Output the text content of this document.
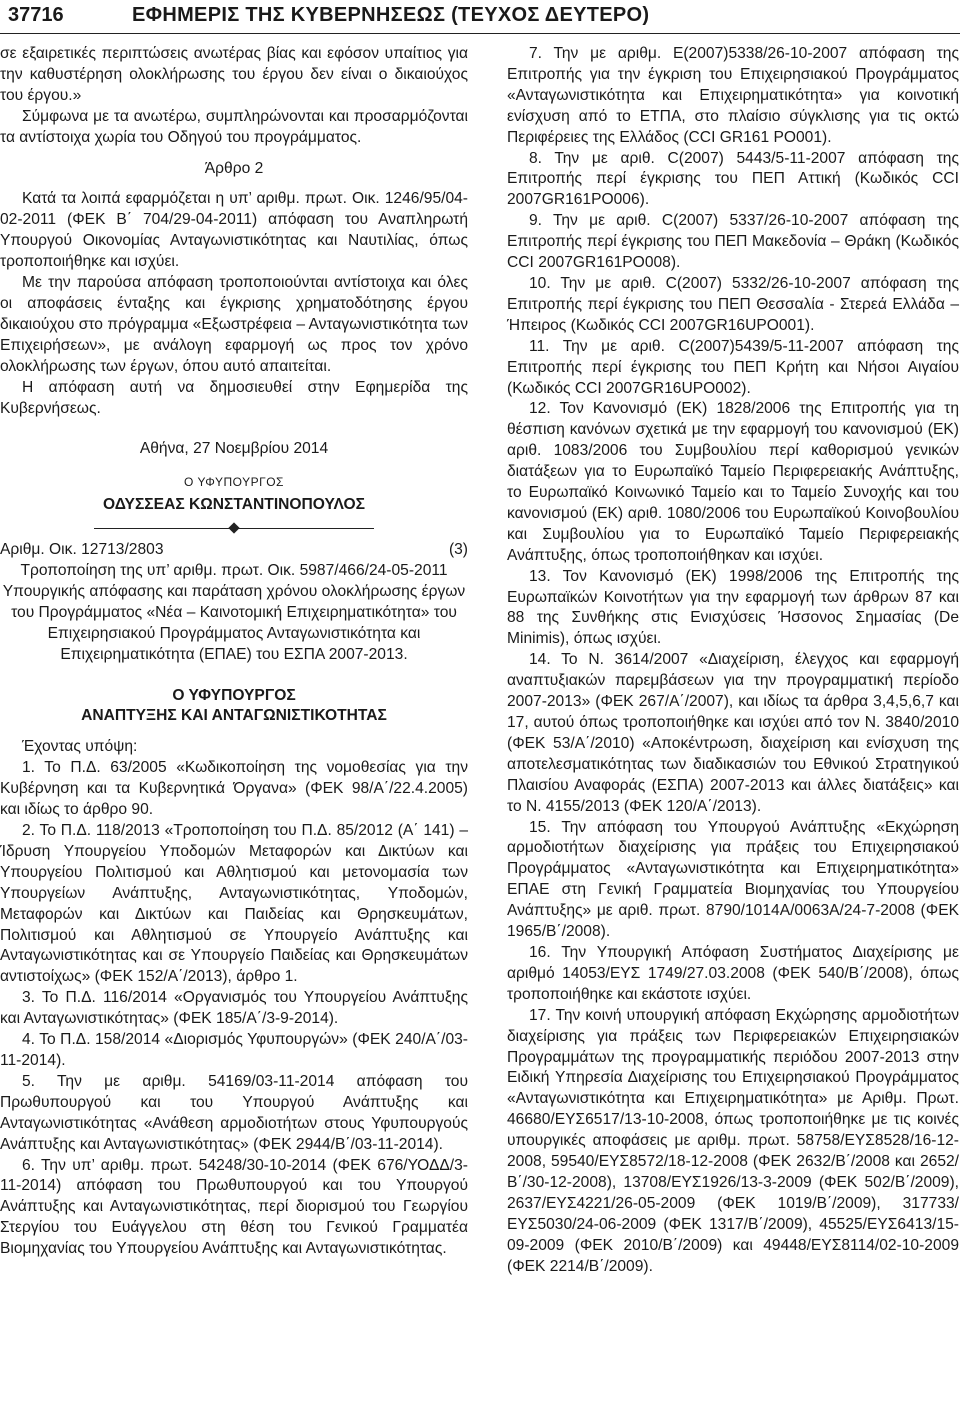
37716	ΕΦΗΜΕΡΙΣ ΤΗΣ ΚΥΒΕΡΝΗΣΕΩΣ (ΤΕΥΧΟΣ ΔΕΥΤΕΡΟ)

σε εξαιρετικές περιπτώσεις ανωτέρας βίας και εφόσον υπαίτιος για την καθυστέρηση ολοκλήρωσης του έργου δεν είναι ο δικαιούχος του έργου.»

Σύμφωνα με τα ανωτέρω, συμπληρώνονται και προσαρμόζονται τα αντίστοιχα χωρία του Οδηγού του προγράμματος.

Άρθρο 2

Κατά τα λοιπά εφαρμόζεται η υπ’ αριθμ. πρωτ. Οικ. 1246/95/04-02-2011 (ΦΕΚ Β΄ 704/29-04-2011) απόφαση του Αναπληρωτή Υπουργού Οικονομίας Ανταγωνιστικότητας και Ναυτιλίας, όπως τροποποιήθηκε και ισχύει.

Με την παρούσα απόφαση τροποποιούνται αντίστοιχα και όλες οι αποφάσεις ένταξης και έγκρισης χρηματοδότησης έργου δικαιούχου στο πρόγραμμα «Εξωστρέφεια – Ανταγωνιστικότητα των Επιχειρήσεων», με ανάλογη εφαρμογή ως προς τον χρόνο ολοκλήρωσης των έργων, όπου αυτό απαιτείται.

Η απόφαση αυτή να δημοσιευθεί στην Εφημερίδα της Κυβερνήσεως.

Αθήνα, 27 Νοεμβρίου 2014

Ο ΥΦΥΠΟΥΡΓΟΣ

ΟΔΥΣΣΕΑΣ ΚΩΝΣΤΑΝΤΙΝΟΠΟΥΛΟΣ

Αριθμ. Οικ. 12713/2803	(3)

Τροποποίηση της υπ’ αριθμ. πρωτ. Οικ. 5987/466/24-05-2011 Υπουργικής απόφασης και παράταση χρόνου ολοκλήρωσης έργων του Προγράμματος «Νέα – Καινοτομική Επιχειρηματικότητα» του Επιχειρησιακού Προγράμματος Ανταγωνιστικότητα και Επιχειρηματικότητα (ΕΠΑΕ) του ΕΣΠΑ 2007-2013.

Ο ΥΦΥΠΟΥΡΓΟΣ

ΑΝΑΠΤΥΞΗΣ ΚΑΙ ΑΝΤΑΓΩΝΙΣΤΙΚΟΤΗΤΑΣ

Έχοντας υπόψη:

1. Το Π.Δ. 63/2005 «Κωδικοποίηση της νομοθεσίας για την Κυβέρνηση και τα Κυβερνητικά Όργανα» (ΦΕΚ 98/Α΄/22.4.2005) και ιδίως το άρθρο 90.

2. Το Π.Δ. 118/2013 «Τροποποίηση του Π.Δ. 85/2012 (Α΄ 141) – Ίδρυση Υπουργείου Υποδομών Μεταφορών και Δικτύων και Υπουργείου Πολιτισμού και Αθλητισμού και μετονομασία των Υπουργείων Ανάπτυξης, Ανταγωνιστικότητας, Υποδομών, Μεταφορών και Δικτύων και Παιδείας και Θρησκευμάτων, Πολιτισμού και Αθλητισμού σε Υπουργείο Ανάπτυξης και Ανταγωνιστικότητας και σε Υπουργείο Παιδείας και Θρησκευμάτων αντιστοίχως» (ΦΕΚ 152/Α΄/2013), άρθρο 1.

3. Το Π.Δ. 116/2014 «Οργανισμός του Υπουργείου Ανάπτυξης και Ανταγωνιστικότητας» (ΦΕΚ 185/Α΄/3-9-2014).

4. Το Π.Δ. 158/2014 «Διορισμός Υφυπουργών» (ΦΕΚ 240/Α΄/03-11-2014).

5. Την με αριθμ. 54169/03-11-2014 απόφαση του Πρωθυπουργού και του Υπουργού Ανάπτυξης και Ανταγωνιστικότητας «Ανάθεση αρμοδιοτήτων στους Υφυπουργούς Ανάπτυξης και Ανταγωνιστικότητας» (ΦΕΚ 2944/Β΄/03-11-2014).

6. Την υπ’ αριθμ. πρωτ. 54248/30-10-2014 (ΦΕΚ 676/ΥΟΔΔ/3-11-2014) απόφαση του Πρωθυπουργού και του Υπουργού Ανάπτυξης και Ανταγωνιστικότητας, περί διορισμού του Γεωργίου Στεργίου του Ευάγγελου στη θέση του Γενικού Γραμματέα Βιομηχανίας του Υπουργείου Ανάπτυξης και Ανταγωνιστικότητας.

7. Την με αριθμ. Ε(2007)5338/26-10-2007 απόφαση της Επιτροπής για την έγκριση του Επιχειρησιακού Προγράμματος «Ανταγωνιστικότητα και Επιχειρηματικότητα» για κοινοτική ενίσχυση από το ΕΤΠΑ, στο πλαίσιο σύγκλισης για τις οκτώ Περιφέρειες της Ελλάδος (CCI GR161 PO001).

8. Την με αριθ. C(2007) 5443/5-11-2007 απόφαση της Επιτροπής περί έγκρισης του ΠΕΠ Αττική (Κωδικός CCI 2007GR161PO006).

9. Την με αριθ. C(2007) 5337/26-10-2007 απόφαση της Επιτροπής περί έγκρισης του ΠΕΠ Μακεδονία – Θράκη (Κωδικός CCI 2007GR161PO008).

10. Την με αριθ. C(2007) 5332/26-10-2007 απόφαση της Επιτροπής περί έγκρισης του ΠΕΠ Θεσσαλία - Στερεά Ελλάδα – Ήπειρος (Κωδικός CCI 2007GR16UPO001).

11. Την με αριθ. C(2007)5439/5-11-2007 απόφαση της Επιτροπής περί έγκρισης του ΠΕΠ Κρήτη και Νήσοι Αιγαίου (Κωδικός CCI 2007GR16UPO002).

12. Τον Κανονισμό (ΕΚ) 1828/2006 της Επιτροπής για τη θέσπιση κανόνων σχετικά με την εφαρμογή του κανονισμού (ΕΚ) αριθ. 1083/2006 του Συμβουλίου περί καθορισμού γενικών διατάξεων για το Ευρωπαϊκό Ταμείο Περιφερειακής Ανάπτυξης, το Ευρωπαϊκό Κοινωνικό Ταμείο και το Ταμείο Συνοχής και του κανονισμού (ΕΚ) αριθ. 1080/2006 του Ευρωπαϊκού Κοινοβουλίου και Συμβουλίου για το Ευρωπαϊκό Ταμείο Περιφερειακής Ανάπτυξης, όπως τροποποιήθηκαν και ισχύει.

13. Τον Κανονισμό (ΕΚ) 1998/2006 της Επιτροπής της Ευρωπαϊκών Κοινοτήτων για την εφαρμογή των άρθρων 87 και 88 της Συνθήκης στις Ενισχύσεις Ήσσονος Σημασίας (De Minimis), όπως ισχύει.

14. Το Ν. 3614/2007 «Διαχείριση, έλεγχος και εφαρμογή αναπτυξιακών παρεμβάσεων για την προγραμματική περίοδο 2007-2013» (ΦΕΚ 267/Α΄/2007), και ιδίως τα άρθρα 3,4,5,6,7 και 17, αυτού όπως τροποποιήθηκε και ισχύει από τον Ν. 3840/2010 (ΦΕΚ 53/Α΄/2010) «Αποκέντρωση, διαχείριση και ενίσχυση της αποτελεσματικότητας των διαδικασιών του Εθνικού Στρατηγικού Πλαισίου Αναφοράς (ΕΣΠΑ) 2007-2013 και άλλες διατάξεις» και το Ν. 4155/2013 (ΦΕΚ 120/Α΄/2013).

15. Την απόφαση του Υπουργού Ανάπτυξης «Εκχώρηση αρμοδιοτήτων διαχείρισης για πράξεις του Επιχειρησιακού Προγράμματος «Ανταγωνιστικότητα και Επιχειρηματικότητα» ΕΠΑΕ στη Γενική Γραμματεία Βιομηχανίας του Υπουργείου Ανάπτυξης» με αριθ. πρωτ. 8790/1014Α/0063Α/24-7-2008 (ΦΕΚ 1965/Β΄/2008).

16. Την Υπουργική Απόφαση Συστήματος Διαχείρισης με αριθμό 14053/ΕΥΣ 1749/27.03.2008 (ΦΕΚ 540/Β΄/2008), όπως τροποποιήθηκε και εκάστοτε ισχύει.

17. Την κοινή υπουργική απόφαση Εκχώρησης αρμοδιοτήτων διαχείρισης για πράξεις των Περιφερειακών Επιχειρησιακών Προγραμμάτων της προγραμματικής περιόδου 2007-2013 στην Ειδική Υπηρεσία Διαχείρισης του Επιχειρησιακού Προγράμματος «Ανταγωνιστικότητα και Επιχειρηματικότητα» με Αριθμ. Πρωτ. 46680/ΕΥΣ6517/13-10-2008, όπως τροποποιήθηκε με τις κοινές υπουργικές αποφάσεις με αριθμ. πρωτ. 58758/ΕΥΣ8528/16-12-2008, 59540/ΕΥΣ8572/18-12-2008 (ΦΕΚ 2632/Β΄/2008 και 2652/Β΄/30-12-2008), 13708/ΕΥΣ1926/13-3-2009 (ΦΕΚ 502/Β΄/2009), 2637/ΕΥΣ4221/26-05-2009 (ΦΕΚ 1019/Β΄/2009), 317733/ΕΥΣ5030/24-06-2009 (ΦΕΚ 1317/Β΄/2009), 45525/ΕΥΣ6413/15-09-2009 (ΦΕΚ 2010/Β΄/2009) και 49448/ΕΥΣ8114/02-10-2009 (ΦΕΚ 2214/Β΄/2009).
